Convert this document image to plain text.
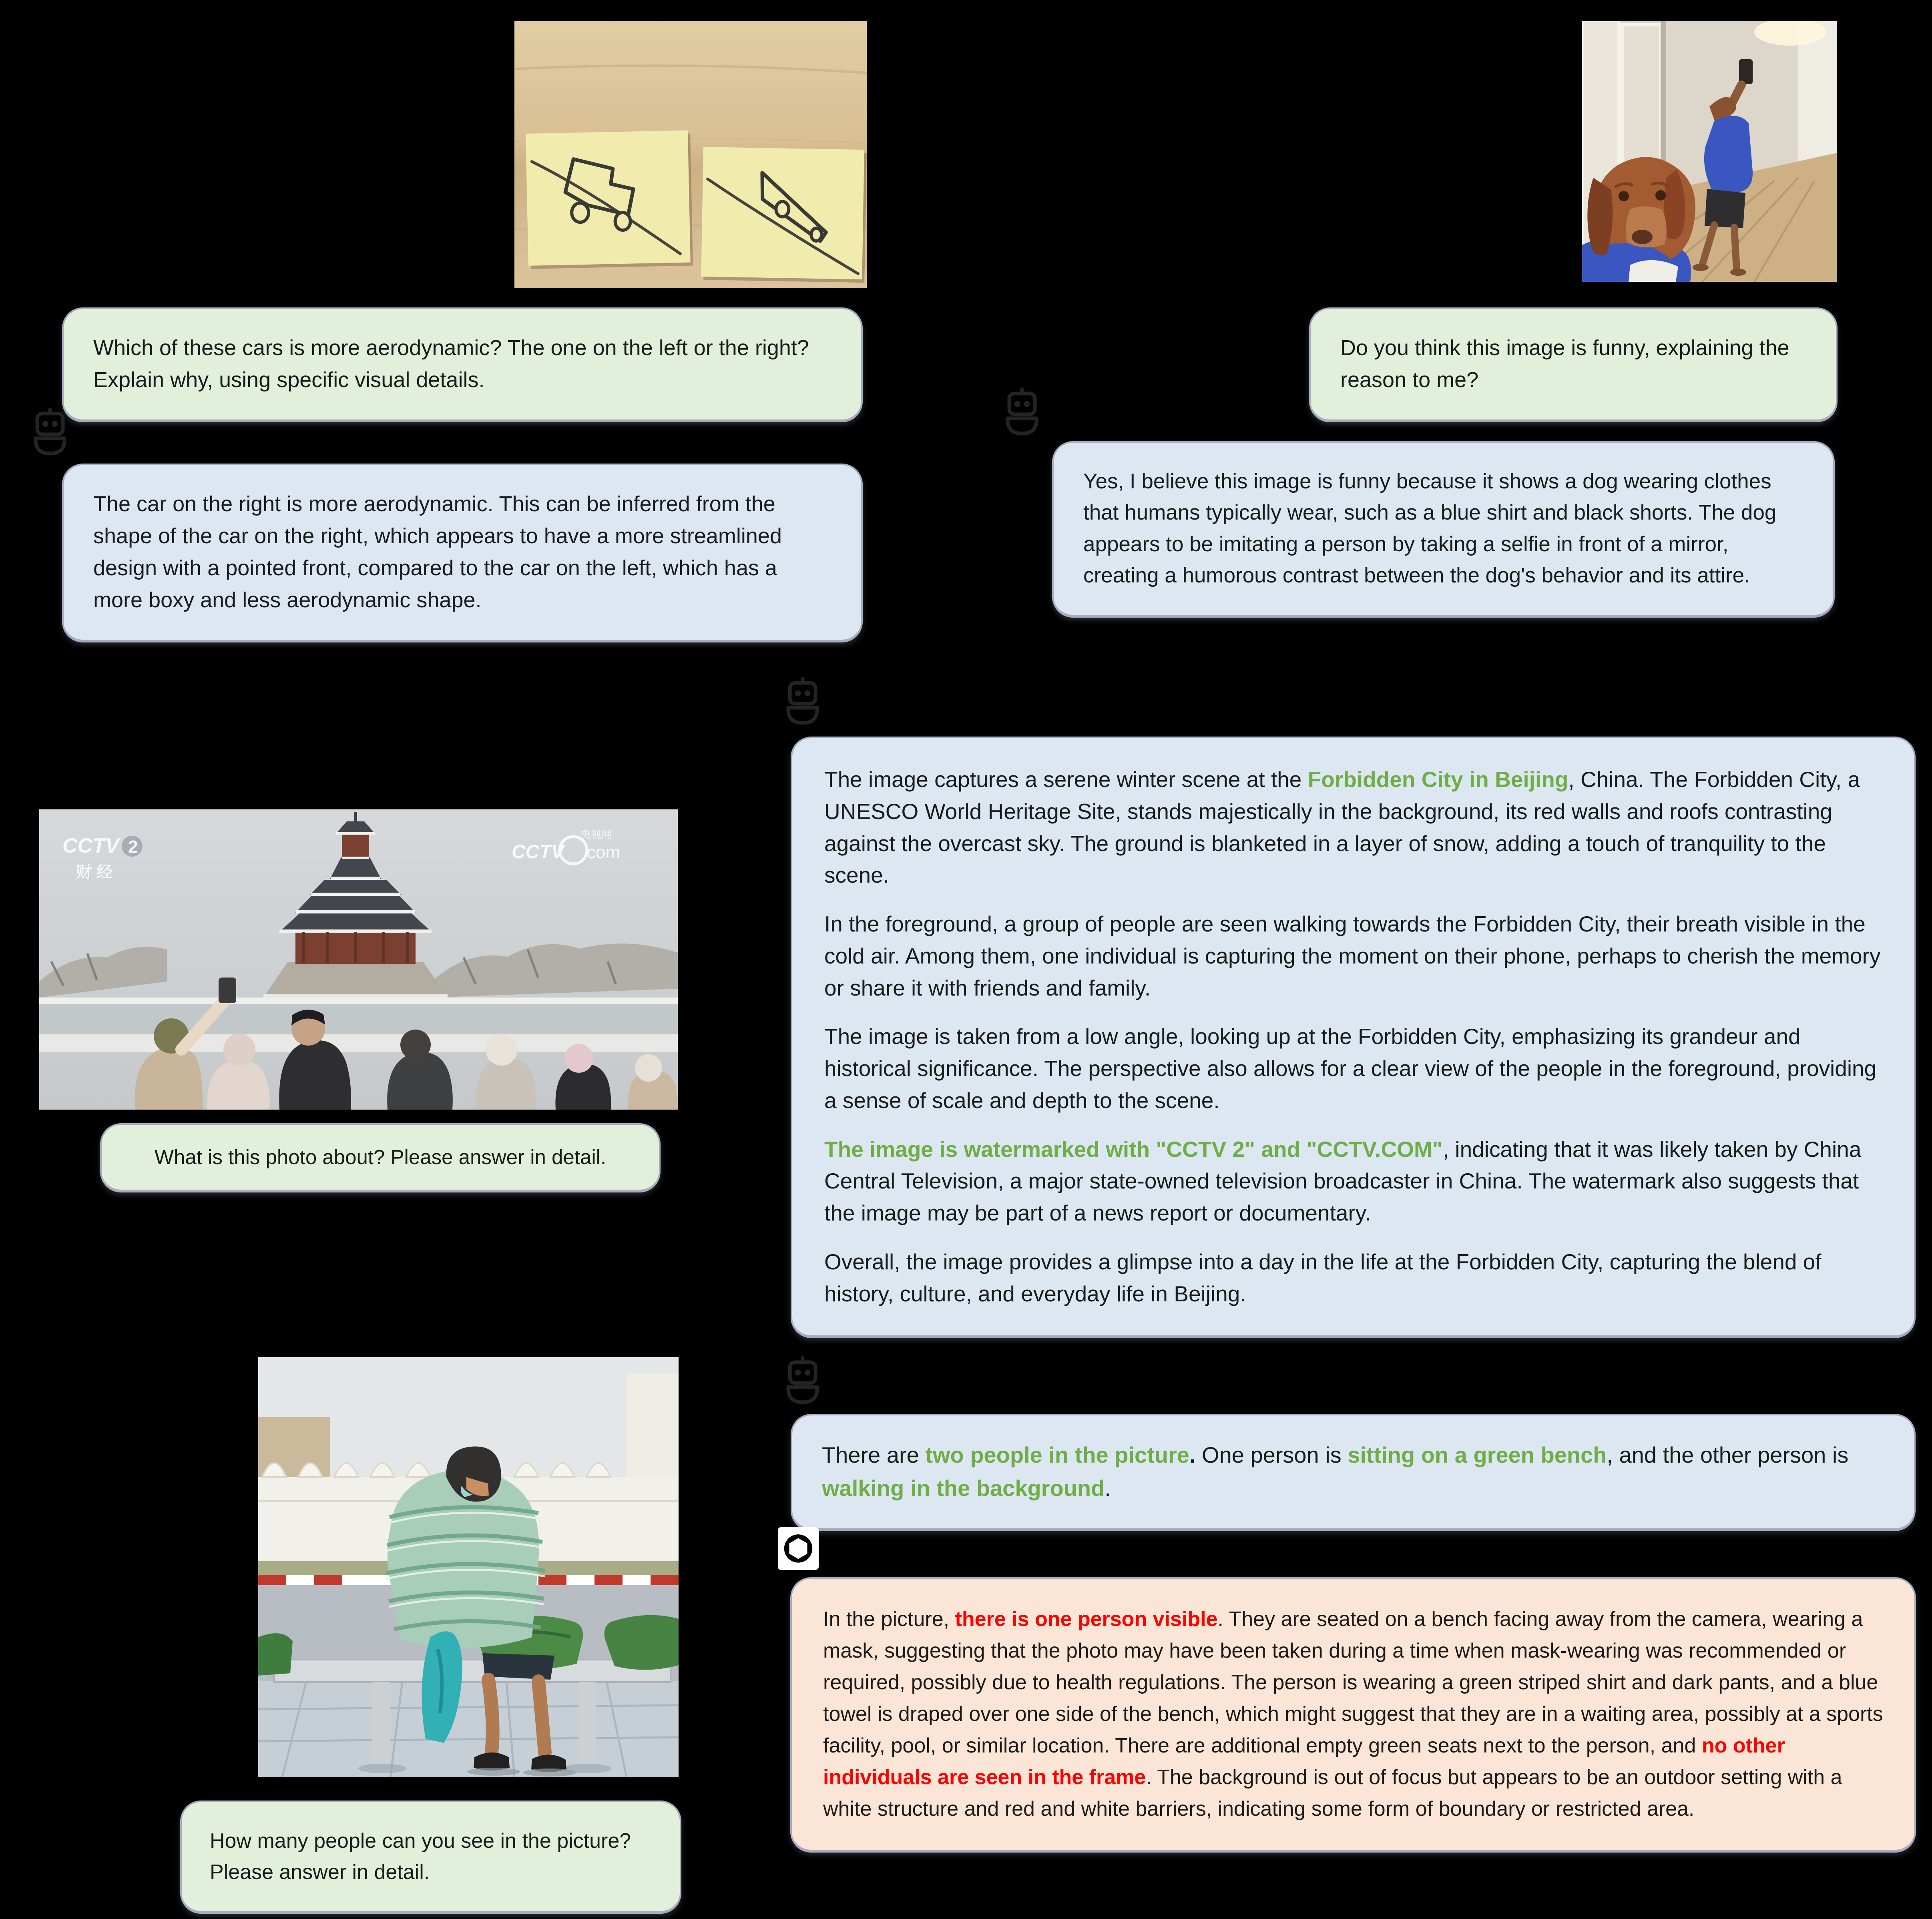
Which of these cars is more aerodynamic? The one on the left or the right? Explain why, using specific visual details.
The car on the right is more aerodynamic. This can be inferred from the shape of the car on the right, which appears to have a more streamlined design with a pointed front, compared to the car on the left, which has a more boxy and less aerodynamic shape.
Do you think this image is funny, explaining the reason to me?
Yes, I believe this image is funny because it shows a dog wearing clothes that humans typically wear, such as a blue shirt and black shorts. The dog appears to be imitating a person by taking a selfie in front of a mirror, creating a humorous contrast between the dog's behavior and its attire.
CCTV 2
财 经
CCTV com
央视网
What is this photo about? Please answer in detail.

The image captures a serene winter scene at the Forbidden City in Beijing, China. The Forbidden City, a UNESCO World Heritage Site, stands majestically in the background, its red walls and roofs contrasting against the overcast sky. The ground is blanketed in a layer of snow, adding a touch of tranquility to the scene.

In the foreground, a group of people are seen walking towards the Forbidden City, their breath visible in the cold air. Among them, one individual is capturing the moment on their phone, perhaps to cherish the memory or share it with friends and family.

The image is taken from a low angle, looking up at the Forbidden City, emphasizing its grandeur and historical significance. The perspective also allows for a clear view of the people in the foreground, providing a sense of scale and depth to the scene.

The image is watermarked with "CCTV 2" and "CCTV.COM", indicating that it was likely taken by China Central Television, a major state-owned television broadcaster in China. The watermark also suggests that the image may be part of a news report or documentary.

Overall, the image provides a glimpse into a day in the life at the Forbidden City, capturing the blend of history, culture, and everyday life in Beijing.

How many people can you see in the picture? Please answer in detail.
There are two people in the picture. One person is sitting on a green bench, and the other person is walking in the background.
In the picture, there is one person visible. They are seated on a bench facing away from the camera, wearing a mask, suggesting that the photo may have been taken during a time when mask-wearing was recommended or required, possibly due to health regulations. The person is wearing a green striped shirt and dark pants, and a blue towel is draped over one side of the bench, which might suggest that they are in a waiting area, possibly at a sports facility, pool, or similar location. There are additional empty green seats next to the person, and no other individuals are seen in the frame. The background is out of focus but appears to be an outdoor setting with a white structure and red and white barriers, indicating some form of boundary or restricted area.
